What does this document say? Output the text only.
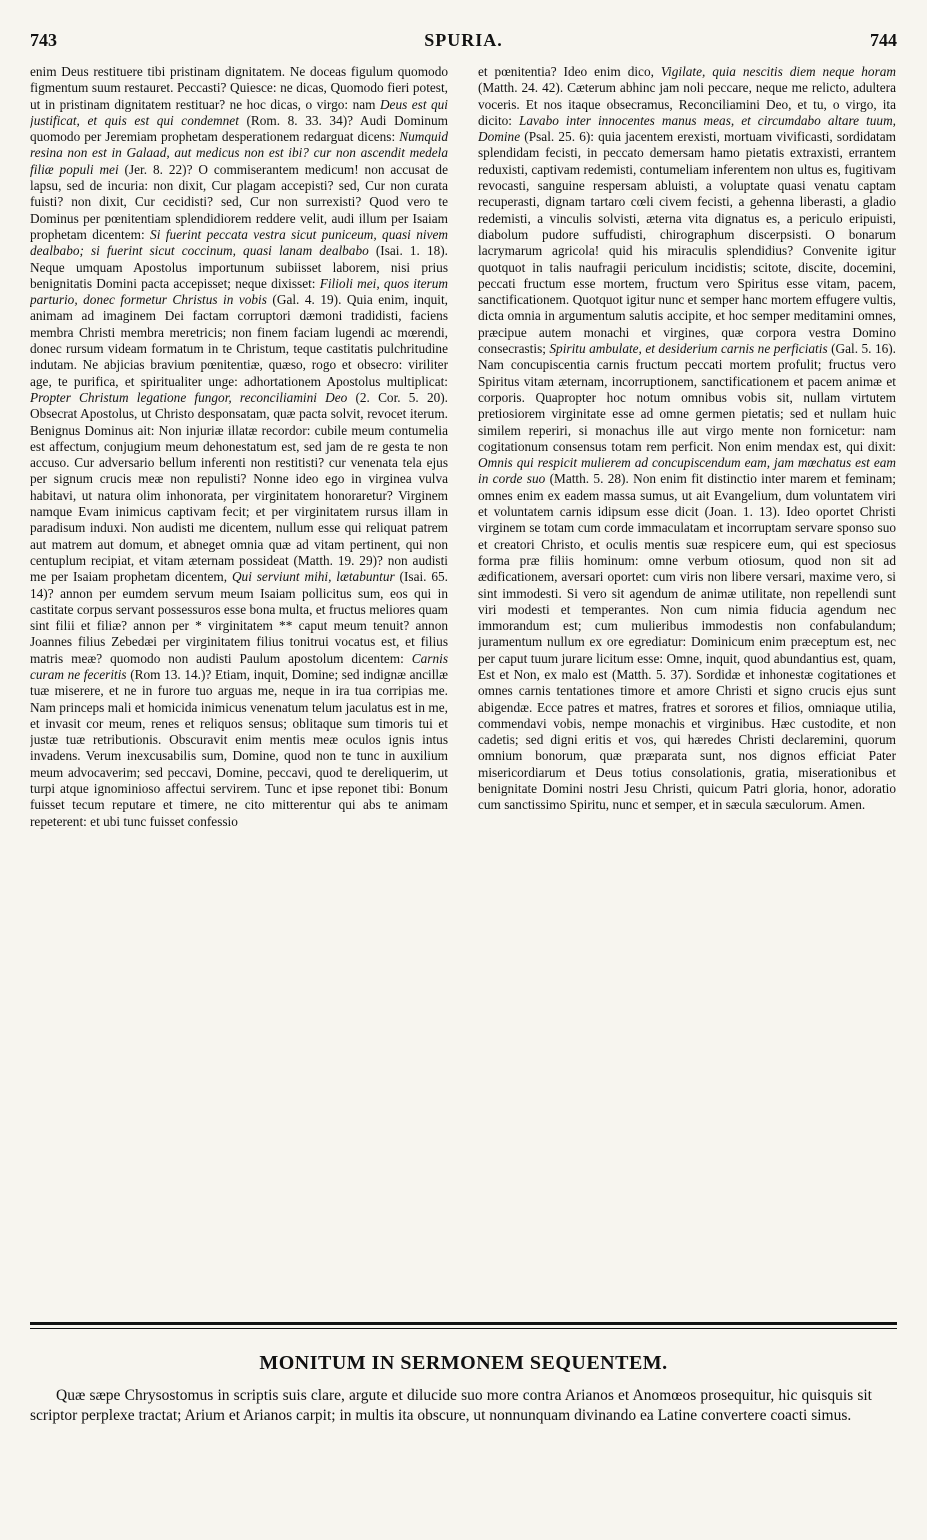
743	SPURIA.	744

enim Deus restituere tibi pristinam dignitatem. Ne doceas figulum quomodo figmentum suum restauret. Peccasti? Quiesce: ne dicas, Quomodo fieri potest, ut in pristinam dignitatem restituar? ne hoc dicas, o virgo: nam Deus est qui justificat, et quis est qui condemnet (Rom. 8. 33. 34)? Audi Dominum quomodo per Jeremiam prophetam desperationem redarguat dicens: Numquid resina non est in Galaad, aut medicus non est ibi? cur non ascendit medela filiæ populi mei (Jer. 8. 22)? O commiserantem medicum! non accusat de lapsu, sed de incuria: non dixit, Cur plagam accepisti? sed, Cur non curata fuisti? non dixit, Cur cecidisti? sed, Cur non surrexisti? Quod vero te Dominus per pœnitentiam splendidiorem reddere velit, audi illum per Isaiam prophetam dicentem: Si fuerint peccata vestra sicut puniceum, quasi nivem dealbabo; si fuerint sicut coccinum, quasi lanam dealbabo (Isai. 1. 18). Neque umquam Apostolus importunum subiisset laborem, nisi prius benignitatis Domini pacta accepisset; neque dixisset: Filioli mei, quos iterum parturio, donec formetur Christus in vobis (Gal. 4. 19). Quia enim, inquit, animam ad imaginem Dei factam corruptori dæmoni tradidisti, faciens membra Christi membra meretricis; non finem faciam lugendi ac mœrendi, donec rursum videam formatum in te Christum, teque castitatis pulchritudine indutam. Ne abjicias bravium pœnitentiæ, quæso, rogo et obsecro: viriliter age, te purifica, et spiritualiter unge: adhortationem Apostolus multiplicat: Propter Christum legatione fungor, reconciliamini Deo (2. Cor. 5. 20). Obsecrat Apostolus, ut Christo desponsatam, quæ pacta solvit, revocet iterum. Benignus Dominus ait: Non injuriæ illatæ recordor: cubile meum contumelia est affectum, conjugium meum dehonestatum est, sed jam de re gesta te non accuso. Cur adversario bellum inferenti non restitisti? cur venenata tela ejus per signum crucis meæ non repulisti? Nonne ideo ego in virginea vulva habitavi, ut natura olim inhonorata, per virginitatem honoraretur? Virginem namque Evam inimicus captivam fecit; et per virginitatem rursus illam in paradisum induxi. Non audisti me dicentem, nullum esse qui reliquat patrem aut matrem aut domum, et abneget omnia quæ ad vitam pertinent, qui non centuplum recipiat, et vitam æternam possideat (Matth. 19. 29)? non audisti me per Isaiam prophetam dicentem, Qui serviunt mihi, lætabuntur (Isai. 65. 14)? annon per eumdem servum meum Isaiam pollicitus sum, eos qui in castitate corpus servant possessuros esse bona multa, et fructus meliores quam sint filii et filiæ? annon per * virginitatem ** caput meum tenuit? annon Joannes filius Zebedæi per virginitatem filius tonitrui vocatus est, et filius matris meæ? quomodo non audisti Paulum apostolum dicentem: Carnis curam ne feceritis (Rom 13. 14.)? Etiam, inquit, Domine; sed indignæ ancillæ tuæ miserere, et ne in furore tuo arguas me, neque in ira tua corripias me. Nam princeps mali et homicida inimicus venenatum telum jaculatus est in me, et invasit cor meum, renes et reliquos sensus; oblitaque sum timoris tui et justæ tuæ retributionis. Obscuravit enim mentis meæ oculos ignis intus invadens. Verum inexcusabilis sum, Domine, quod non te tunc in auxilium meum advocaverim; sed peccavi, Domine, peccavi, quod te dereliquerim, ut turpi atque ignominioso affectui servirem. Tunc et ipse reponet tibi: Bonum fuisset tecum reputare et timere, ne cito mitterentur qui abs te animam repeterent: et ubi tunc fuisset confessio

et pœnitentia? Ideo enim dico, Vigilate, quia nescitis diem neque horam (Matth. 24. 42). Cæterum abhinc jam noli peccare, neque me relicto, adultera voceris. Et nos itaque obsecramus, Reconciliamini Deo, et tu, o virgo, ita dicito: Lavabo inter innocentes manus meas, et circumdabo altare tuum, Domine (Psal. 25. 6): quia jacentem erexisti, mortuam vivificasti, sordidatam splendidam fecisti, in peccato demersam hamo pietatis extraxisti, errantem reduxisti, captivam redemisti, contumeliam inferentem non ultus es, fugitivam revocasti, sanguine respersam abluisti, a voluptate quasi venatu captam recuperasti, dignam tartaro cœli civem fecisti, a gehenna liberasti, a gladio redemisti, a vinculis solvisti, æterna vita dignatus es, a periculo eripuisti, diabolum pudore suffudisti, chirographum discerpsisti. O bonarum lacrymarum agricola! quid his miraculis splendidius? Convenite igitur quotquot in talis naufragii periculum incidistis; scitote, discite, docemini, peccati fructum esse mortem, fructum vero Spiritus esse vitam, pacem, sanctificationem. Quotquot igitur nunc et semper hanc mortem effugere vultis, dicta omnia in argumentum salutis accipite, et hoc semper meditamini omnes, præcipue autem monachi et virgines, quæ corpora vestra Domino consecrastis; Spiritu ambulate, et desiderium carnis ne perficiatis (Gal. 5. 16). Nam concupiscentia carnis fructum peccati mortem profulit; fructus vero Spiritus vitam æternam, incorruptionem, sanctificationem et pacem animæ et corporis. Quapropter hoc notum omnibus vobis sit, nullam virtutem pretiosiorem virginitate esse ad omne germen pietatis; sed et nullam huic similem reperiri, si monachus ille aut virgo mente non fornicetur: nam cogitationum consensus totam rem perficit. Non enim mendax est, qui dixit: Omnis qui respicit mulierem ad concupiscendum eam, jam mœchatus est eam in corde suo (Matth. 5. 28). Non enim fit distinctio inter marem et feminam; omnes enim ex eadem massa sumus, ut ait Evangelium, dum voluntatem viri et voluntatem carnis idipsum esse dicit (Joan. 1. 13). Ideo oportet Christi virginem se totam cum corde immaculatam et incorruptam servare sponso suo et creatori Christo, et oculis mentis suæ respicere eum, qui est speciosus forma præ filiis hominum: omne verbum otiosum, quod non sit ad ædificationem, aversari oportet: cum viris non libere versari, maxime vero, si sint immodesti. Si vero sit agendum de animæ utilitate, non repellendi sunt viri modesti et temperantes. Non cum nimia fiducia agendum nec immorandum est; cum mulieribus immodestis non confabulandum; juramentum nullum ex ore egrediatur: Dominicum enim præceptum est, nec per caput tuum jurare licitum esse: Omne, inquit, quod abundantius est, quam, Est et Non, ex malo est (Matth. 5. 37). Sordidæ et inhonestæ cogitationes et omnes carnis tentationes timore et amore Christi et signo crucis ejus sunt abigendæ. Ecce patres et matres, fratres et sorores et filios, omniaque utilia, commendavi vobis, nempe monachis et virginibus. Hæc custodite, et non cadetis; sed digni eritis et vos, qui hæredes Christi declaremini, quorum omnium bonorum, quæ præparata sunt, nos dignos efficiat Pater misericordiarum et Deus totius consolationis, gratia, miserationibus et benignitate Domini nostri Jesu Christi, quicum Patri gloria, honor, adoratio cum sanctissimo Spiritu, nunc et semper, et in sæcula sæculorum. Amen.

MONITUM IN SERMONEM SEQUENTEM.
Quæ sæpe Chrysostomus in scriptis suis clare, argute et dilucide suo more contra Arianos et Anomœos prosequitur, hic quisquis sit scriptor perplexe tractat; Arium et Arianos carpit; in multis ita obscure, ut nonnunquam divinando ea Latine convertere coacti simus.
